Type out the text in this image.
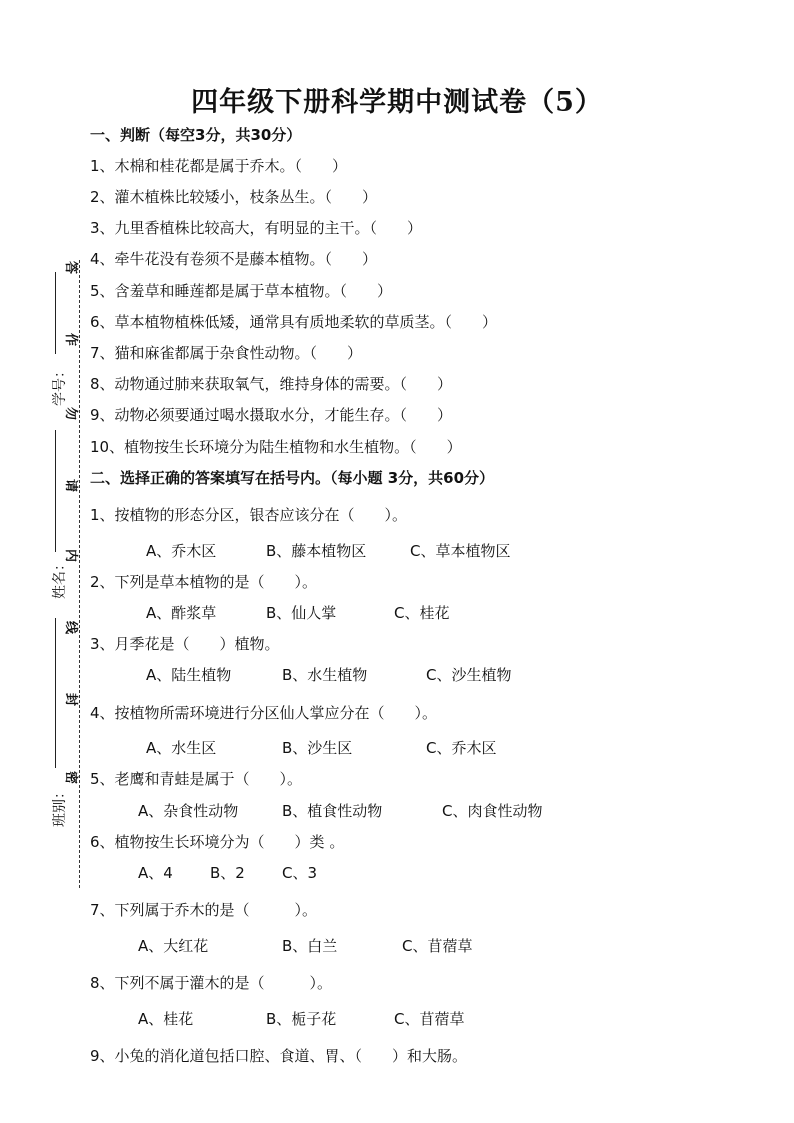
四年级下册科学期中测试卷（5）
答
作
勿
请
内
线
封
密
学号：
姓名：
班别：
一、判断（每空3分，共30分）
1、木棉和桂花都是属于乔木。（　　）
2、灌木植株比较矮小，枝条丛生。（　　）
3、九里香植株比较高大，有明显的主干。（　　）
4、牵牛花没有卷须不是藤本植物。（　　）
5、含羞草和睡莲都是属于草本植物。（　　）
6、草本植物植株低矮，通常具有质地柔软的草质茎。（　　）
7、猫和麻雀都属于杂食性动物。（　　）
8、动物通过肺来获取氧气，维持身体的需要。（　　）
9、动物必须要通过喝水摄取水分，才能生存。（　　）
10、植物按生长环境分为陆生植物和水生植物。（　　）
二、选择正确的答案填写在括号内。（每小题 3分，共60分）
1、按植物的形态分区，银杏应该分在（　　）。
A、乔木区	B、藤本植物区	C、草本植物区
2、下列是草本植物的是（　　）。
A、酢浆草	B、仙人掌	C、桂花
3、月季花是（　　）植物。
A、陆生植物	B、水生植物	C、沙生植物
4、按植物所需环境进行分区仙人掌应分在（　　）。
A、水生区	B、沙生区	C、乔木区
5、老鹰和青蛙是属于（　　）。
A、杂食性动物	B、植食性动物	C、肉食性动物
6、植物按生长环境分为（　　）类 。
A、4 B、2 C、3
7、下列属于乔木的是（　　　）。
A、大红花	B、白兰	C、苜蓿草
8、下列不属于灌木的是（　　　）。
A、桂花	B、栀子花	C、苜蓿草
9、小兔的消化道包括口腔、食道、胃、（　　）和大肠。
